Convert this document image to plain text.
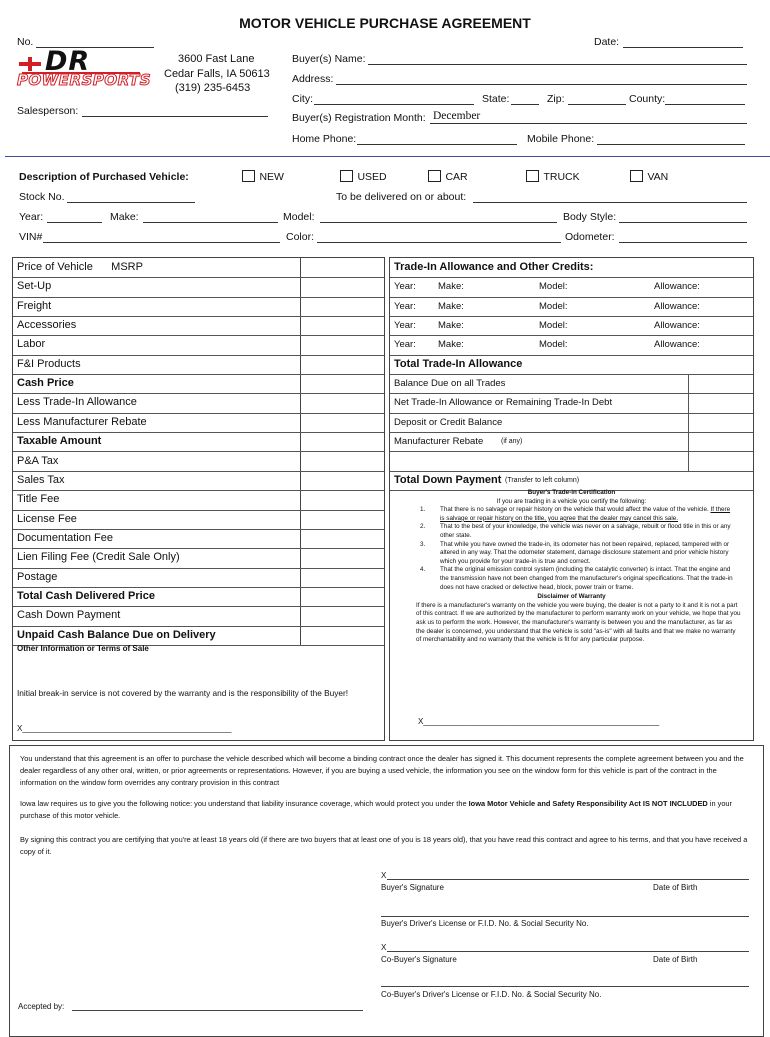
MOTOR VEHICLE PURCHASE AGREEMENT
No.	Date:
DR
POWERSPORTS
3600 Fast Lane
Cedar Falls, IA 50613
(319) 235-6453
Salesperson:
Buyer(s) Name:
Address:
City:	State:	Zip:	County:
Buyer(s) Registration Month: December
Home Phone:	Mobile Phone:
Description of Purchased Vehicle:	$^{NEW}$	$^{USED}$	$^{CAR}$	$^{TRUCK}$	$^{VAN}$
Stock No.	To be delivered on or about:
Year:	Make:	Model:	Body Style:
VIN#	Color:	Odometer:
Price of Vehicle      MSRP
Set-Up
Freight
Accessories
Labor
F&I Products
Cash Price
Less Trade-In Allowance
Less Manufacturer Rebate
Taxable Amount
P&A Tax
Sales Tax
Title Fee
License Fee
Documentation Fee
Lien Filing Fee (Credit Sale Only)
Postage
Total Cash Delivered Price
Cash Down Payment
Unpaid Cash Balance Due on Delivery
Other Information or Terms of Sale
Initial break-in service is not covered by the warranty and is the responsibility of the Buyer!
X_______________________________________________
Trade-In Allowance and Other Credits:
Year: Make:	Model:	Allowance:
Year: Make:	Model:	Allowance:
Year: Make:	Model:	Allowance:
Year: Make:	Model:	Allowance:
Total Trade-In Allowance
Balance Due on all Trades
Net Trade-In Allowance or Remaining Trade-In Debt
Deposit or Credit Balance
Manufacturer Rebate	(if any)
Total Down Payment (Transfer to left column)
Buyer's Trade-in Certification
If you are trading in a vehicle you certify the following:
1. That there is no salvage or repair history on the vehicle that would affect the value of the vehicle. If there is salvage or repair history on the title, you agree that the dealer may cancel this sale.
2. That to the best of your knowledge, the vehicle was never on a salvage, rebuilt or flood title in this or any other state.
3. That while you have owned the trade-in, its odometer has not been repaired, replaced, tampered with or altered in any way. That the odometer statement, damage disclosure statement and prior vehicle history which you provide for your trade-in is true and correct.
4. That the original emission control system (including the catalytic converter) is intact. That the engine and the transmission have not been changed from the manufacturer's original specifications. That the trade-in does not have cracked or defective head, block, power train or frame.
Disclaimer of Warranty
If there is a manufacturer's warranty on the vehicle you were buying, the dealer is not a party to it and it is not a part of this contract. If we are authorized by the manufacturer to perform warranty work on your vehicle, we hope that you ask us to perform the work. However, the manufacturer's warranty is between you and the manufacturer, as far as the dealer is concerned, you understand that the vehicle is sold "as-is" with all faults and that we make no warranty of merchantability and no warranty that the vehicle is fit for any particular purpose.
X_____________________________________________________
You understand that this agreement is an offer to purchase the vehicle described which will become a binding contract once the dealer has signed it. This document represents the complete agreement between you and the dealer regardless of any other oral, written, or prior agreements or representations. However, if you are buying a used vehicle, the information you see on the window form for this vehicle is part of the contract in the information on the window form overrides any contrary provision in this contract
Iowa law requires us to give you the following notice: you understand that liability insurance coverage, which would protect you under the Iowa Motor Vehicle and Safety Responsibility Act IS NOT INCLUDED in your purchase of this motor vehicle.
By signing this contract you are certifying that you're at least 18 years old (if there are two buyers that at least one of you is 18 years old), that you have read this contract and agree to his terms, and that you have received a copy of it.
X
Buyer's Signature	Date of Birth
Buyer's Driver's License or F.I.D. No. & Social Security No.
X
Co-Buyer's Signature	Date of Birth
Co-Buyer's Driver's License or F.I.D. No. & Social Security No.
Accepted by:
